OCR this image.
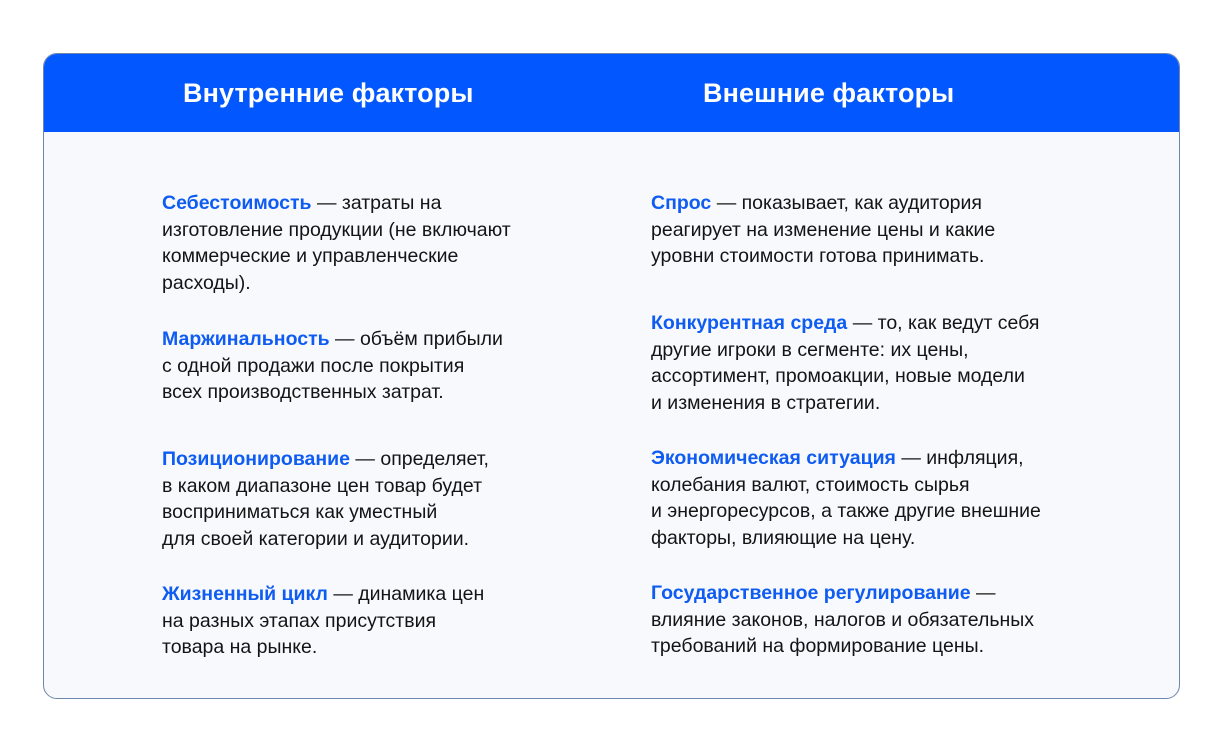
Внутренние факторы	Внешние факторы
Себестоимость — затраты на
изготовление продукции (не включают
коммерческие и управленческие
расходы).
Маржинальность — объём прибыли
с одной продажи после покрытия
всех производственных затрат.
Позиционирование — определяет,
в каком диапазоне цен товар будет
восприниматься как уместный
для своей категории и аудитории.
Жизненный цикл — динамика цен
на разных этапах присутствия
товара на рынке.
Спрос — показывает, как аудитория
реагирует на изменение цены и какие
уровни стоимости готова принимать.
Конкурентная среда — то, как ведут себя
другие игроки в сегменте: их цены,
ассортимент, промоакции, новые модели
и изменения в стратегии.
Экономическая ситуация — инфляция,
колебания валют, стоимость сырья
и энергоресурсов, а также другие внешние
факторы, влияющие на цену.
Государственное регулирование —
влияние законов, налогов и обязательных
требований на формирование цены.
